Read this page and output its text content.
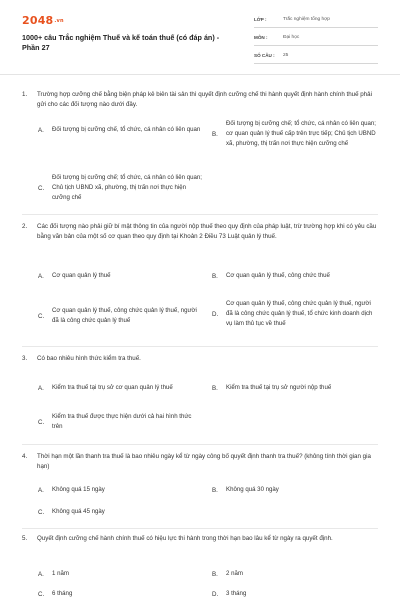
2048.vn
1000+ câu Trắc nghiệm Thuế và kế toán thuế (có đáp án) - Phần 27
LỚP :	Trắc nghiệm tổng hợp
MÔN :	Đại học
SỐ CÂU : 25
1. Trường hợp cưỡng chế bằng biện pháp kê biên tài sản thì quyết định cưỡng chế thi hành quyết định hành chính thuế phải gửi cho các đối tượng nào dưới đây.
A.	Đối tượng bị cưỡng chế, tổ chức, cá nhân có liên quan
B.
Đối tượng bị cưỡng chế; tổ chức, cá nhân có liên quan; cơ quan quản lý thuế cấp trên trực tiếp; Chủ tịch UBND xã, phường, thị trấn nơi thực hiện cưỡng chế
C.
Đối tượng bị cưỡng chế; tổ chức, cá nhân có liên quan; Chủ tịch UBND xã, phường, thị trấn nơi thực hiện cưỡng chế
2. Các đối tượng nào phải giữ bí mật thông tin của người nộp thuế theo quy định của pháp luật, trừ trường hợp khi có yêu cầu bằng văn bản của một số cơ quan theo quy định tại Khoản 2 Điều 73 Luật quản lý thuế.
A.	Cơ quan quản lý thuế	B.	Cơ quan quản lý thuế, công chức thuế
C.
Cơ quan quản lý thuế, công chức quản lý thuế, người đã là công chức quản lý thuế
D.
Cơ quan quản lý thuế, công chức quản lý thuế, người đã là công chức quản lý thuế, tổ chức kinh doanh dịch vụ làm thủ tục về thuế
3. Có bao nhiêu hình thức kiểm tra thuế.
A.	Kiểm tra thuế tại trụ sở cơ quan quản lý thuế	B.	Kiểm tra thuế tại trụ sở người nộp thuế
C.
Kiểm tra thuế được thực hiện dưới cả hai hình thức trên
4. Thời hạn một lần thanh tra thuế là bao nhiêu ngày kể từ ngày công bố quyết định thanh tra thuế? (không tính thời gian gia hạn)
A.	Không quá 15 ngày	B.	Không quá 30 ngày
C.	Không quá 45 ngày
5. Quyết định cưỡng chế hành chính thuế có hiệu lực thi hành trong thời hạn bao lâu kể từ ngày ra quyết định.
A.	1 năm	B.	2 năm
C.	6 tháng	D.	3 tháng
